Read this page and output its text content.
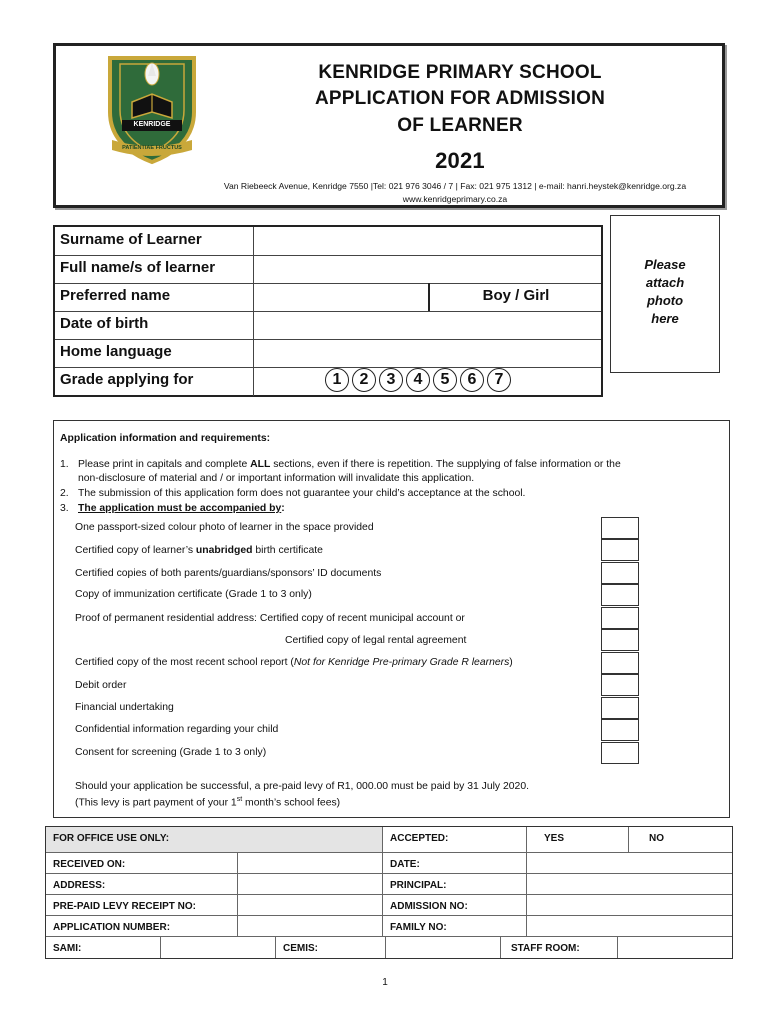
KENRIDGE
PATIENTIAE FRUCTUS
KENRIDGE PRIMARY SCHOOL
APPLICATION FOR ADMISSION
OF LEARNER
2021
Van Riebeeck Avenue, Kenridge 7550 |Tel: 021 976 3046 / 7 | Fax: 021 975 1312 | e-mail: hanri.heystek@kenridge.org.za
www.kenridgeprimary.co.za
Surname of Learner
Full name/s of learner
Preferred name	Boy / Girl
Date of birth
Home language
Grade applying for	1	2	3	4	5	6	7
Please
attach
photo
here
Application information and requirements:
1. Please print in capitals and complete ALL sections, even if there is repetition. The supplying of false information or the
non-disclosure of material and / or important information will invalidate this application.
2. The submission of this application form does not guarantee your child’s acceptance at the school.
3. The application must be accompanied by:
One passport-sized colour photo of learner in the space provided
Certified copy of learner’s unabridged birth certificate
Certified copies of both parents/guardians/sponsors’ ID documents
Copy of immunization certificate (Grade 1 to 3 only)
Proof of permanent residential address: Certified copy of recent municipal account or
Certified copy of legal rental agreement
Certified copy of the most recent school report (Not for Kenridge Pre-primary Grade R learners)
Debit order
Financial undertaking
Confidential information regarding your child
Consent for screening (Grade 1 to 3 only)
Should your application be successful, a pre-paid levy of R1, 000.00 must be paid by 31 July 2020.
(This levy is part payment of your 1st month’s school fees)
FOR OFFICE USE ONLY:	ACCEPTED:	YES	NO
RECEIVED ON:	DATE:
ADDRESS:	PRINCIPAL:
PRE-PAID LEVY RECEIPT NO:	ADMISSION NO:
APPLICATION NUMBER:	FAMILY NO:
SAMI:	CEMIS:	STAFF ROOM:
1
